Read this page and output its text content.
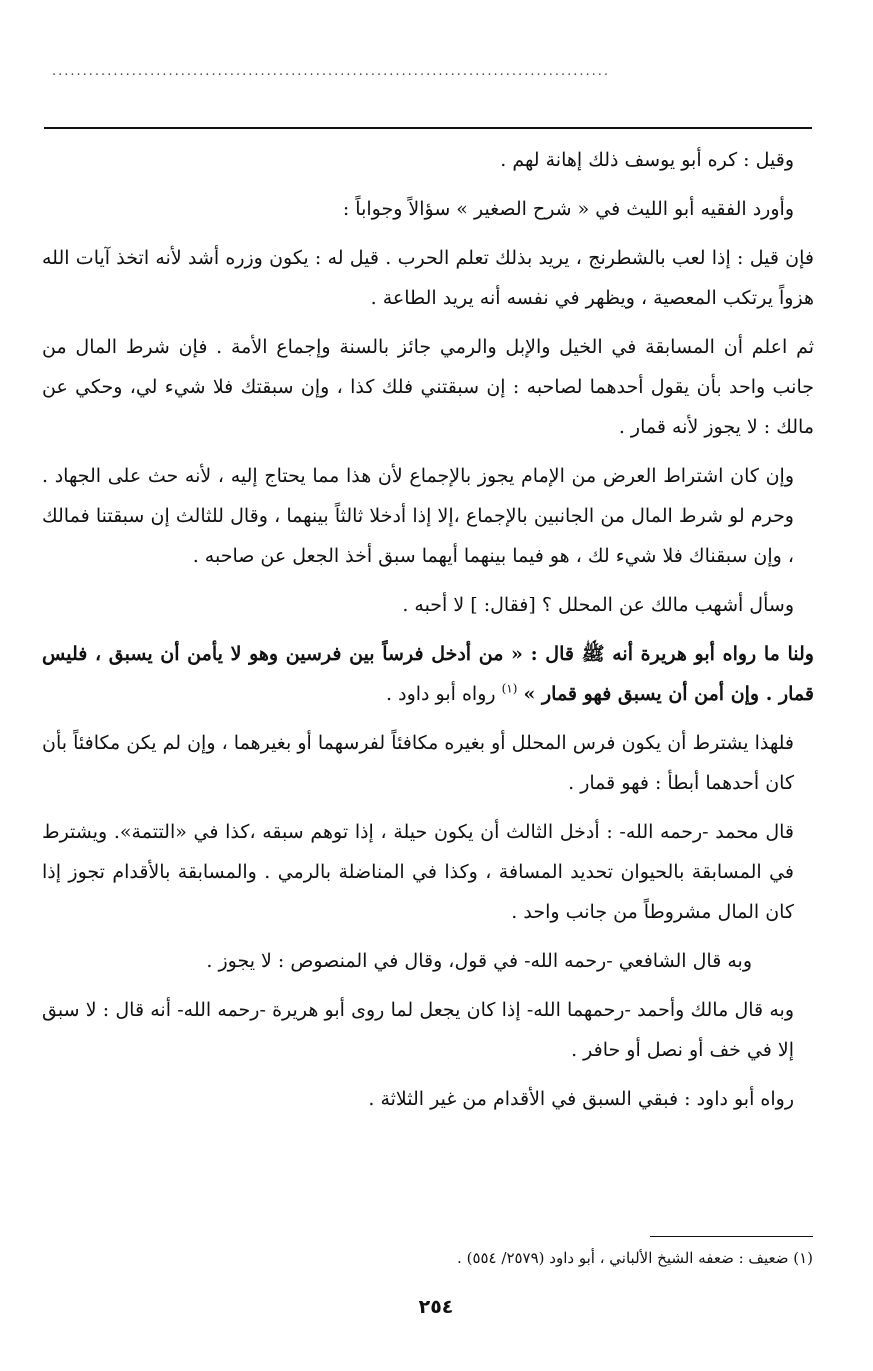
...........................................................................................

وقيل : كره أبو يوسف ذلك إهانة لهم .

وأورد الفقيه أبو الليث في « شرح الصغير » سؤالاً وجواباً :

فإن قيل : إذا لعب بالشطرنج ، يريد بذلك تعلم الحرب . قيل له : يكون وزره أشد لأنه اتخذ آيات الله هزواً يرتكب المعصية ، ويظهر في نفسه أنه يريد الطاعة .

ثم اعلم أن المسابقة في الخيل والإبل والرمي جائز بالسنة وإجماع الأمة . فإن شرط المال من جانب واحد بأن يقول أحدهما لصاحبه : إن سبقتني فلك كذا ، وإن سبقتك فلا شيء لي، وحكي عن مالك : لا يجوز لأنه قمار .

وإن كان اشتراط العرض من الإمام يجوز بالإجماع لأن هذا مما يحتاج إليه ، لأنه حث على الجهاد . وحرم لو شرط المال من الجانبين بالإجماع ،إلا إذا أدخلا ثالثاً بينهما ، وقال للثالث إن سبقتنا فمالك ، وإن سبقناك فلا شيء لك ، هو فيما بينهما أيهما سبق أخذ الجعل عن صاحبه .

وسأل أشهب مالك عن المحلل ؟ [فقال: ] لا أحبه .

ولنا ما رواه أبو هريرة أنه ﷺ قال : « من أدخل فرساً بين فرسين وهو لا يأمن أن يسبق ، فليس قمار . وإن أمن أن يسبق فهو قمار » $^{(١)}$ رواه أبو داود .

فلهذا يشترط أن يكون فرس المحلل أو بغيره مكافئاً لفرسهما أو بغيرهما ، وإن لم يكن مكافئاً بأن كان أحدهما أبطأ : فهو قمار .

قال محمد -رحمه الله- : أدخل الثالث أن يكون حيلة ، إذا توهم سبقه ،كذا في «التتمة». ويشترط في المسابقة بالحيوان تحديد المسافة ، وكذا في المناضلة بالرمي . والمسابقة بالأقدام تجوز إذا كان المال مشروطاً من جانب واحد .

وبه قال الشافعي -رحمه الله- في قول، وقال في المنصوص : لا يجوز .

وبه قال مالك وأحمد -رحمهما الله- إذا كان يجعل لما روى أبو هريرة -رحمه الله- أنه قال : لا سبق إلا في خف أو نصل أو حافر .

رواه أبو داود : فبقي السبق في الأقدام من غير الثلاثة .

(١) ضعيف : ضعفه الشيخ الألباني ، أبو داود (٢٥٧٩/ ٥٥٤) .
٢٥٤
